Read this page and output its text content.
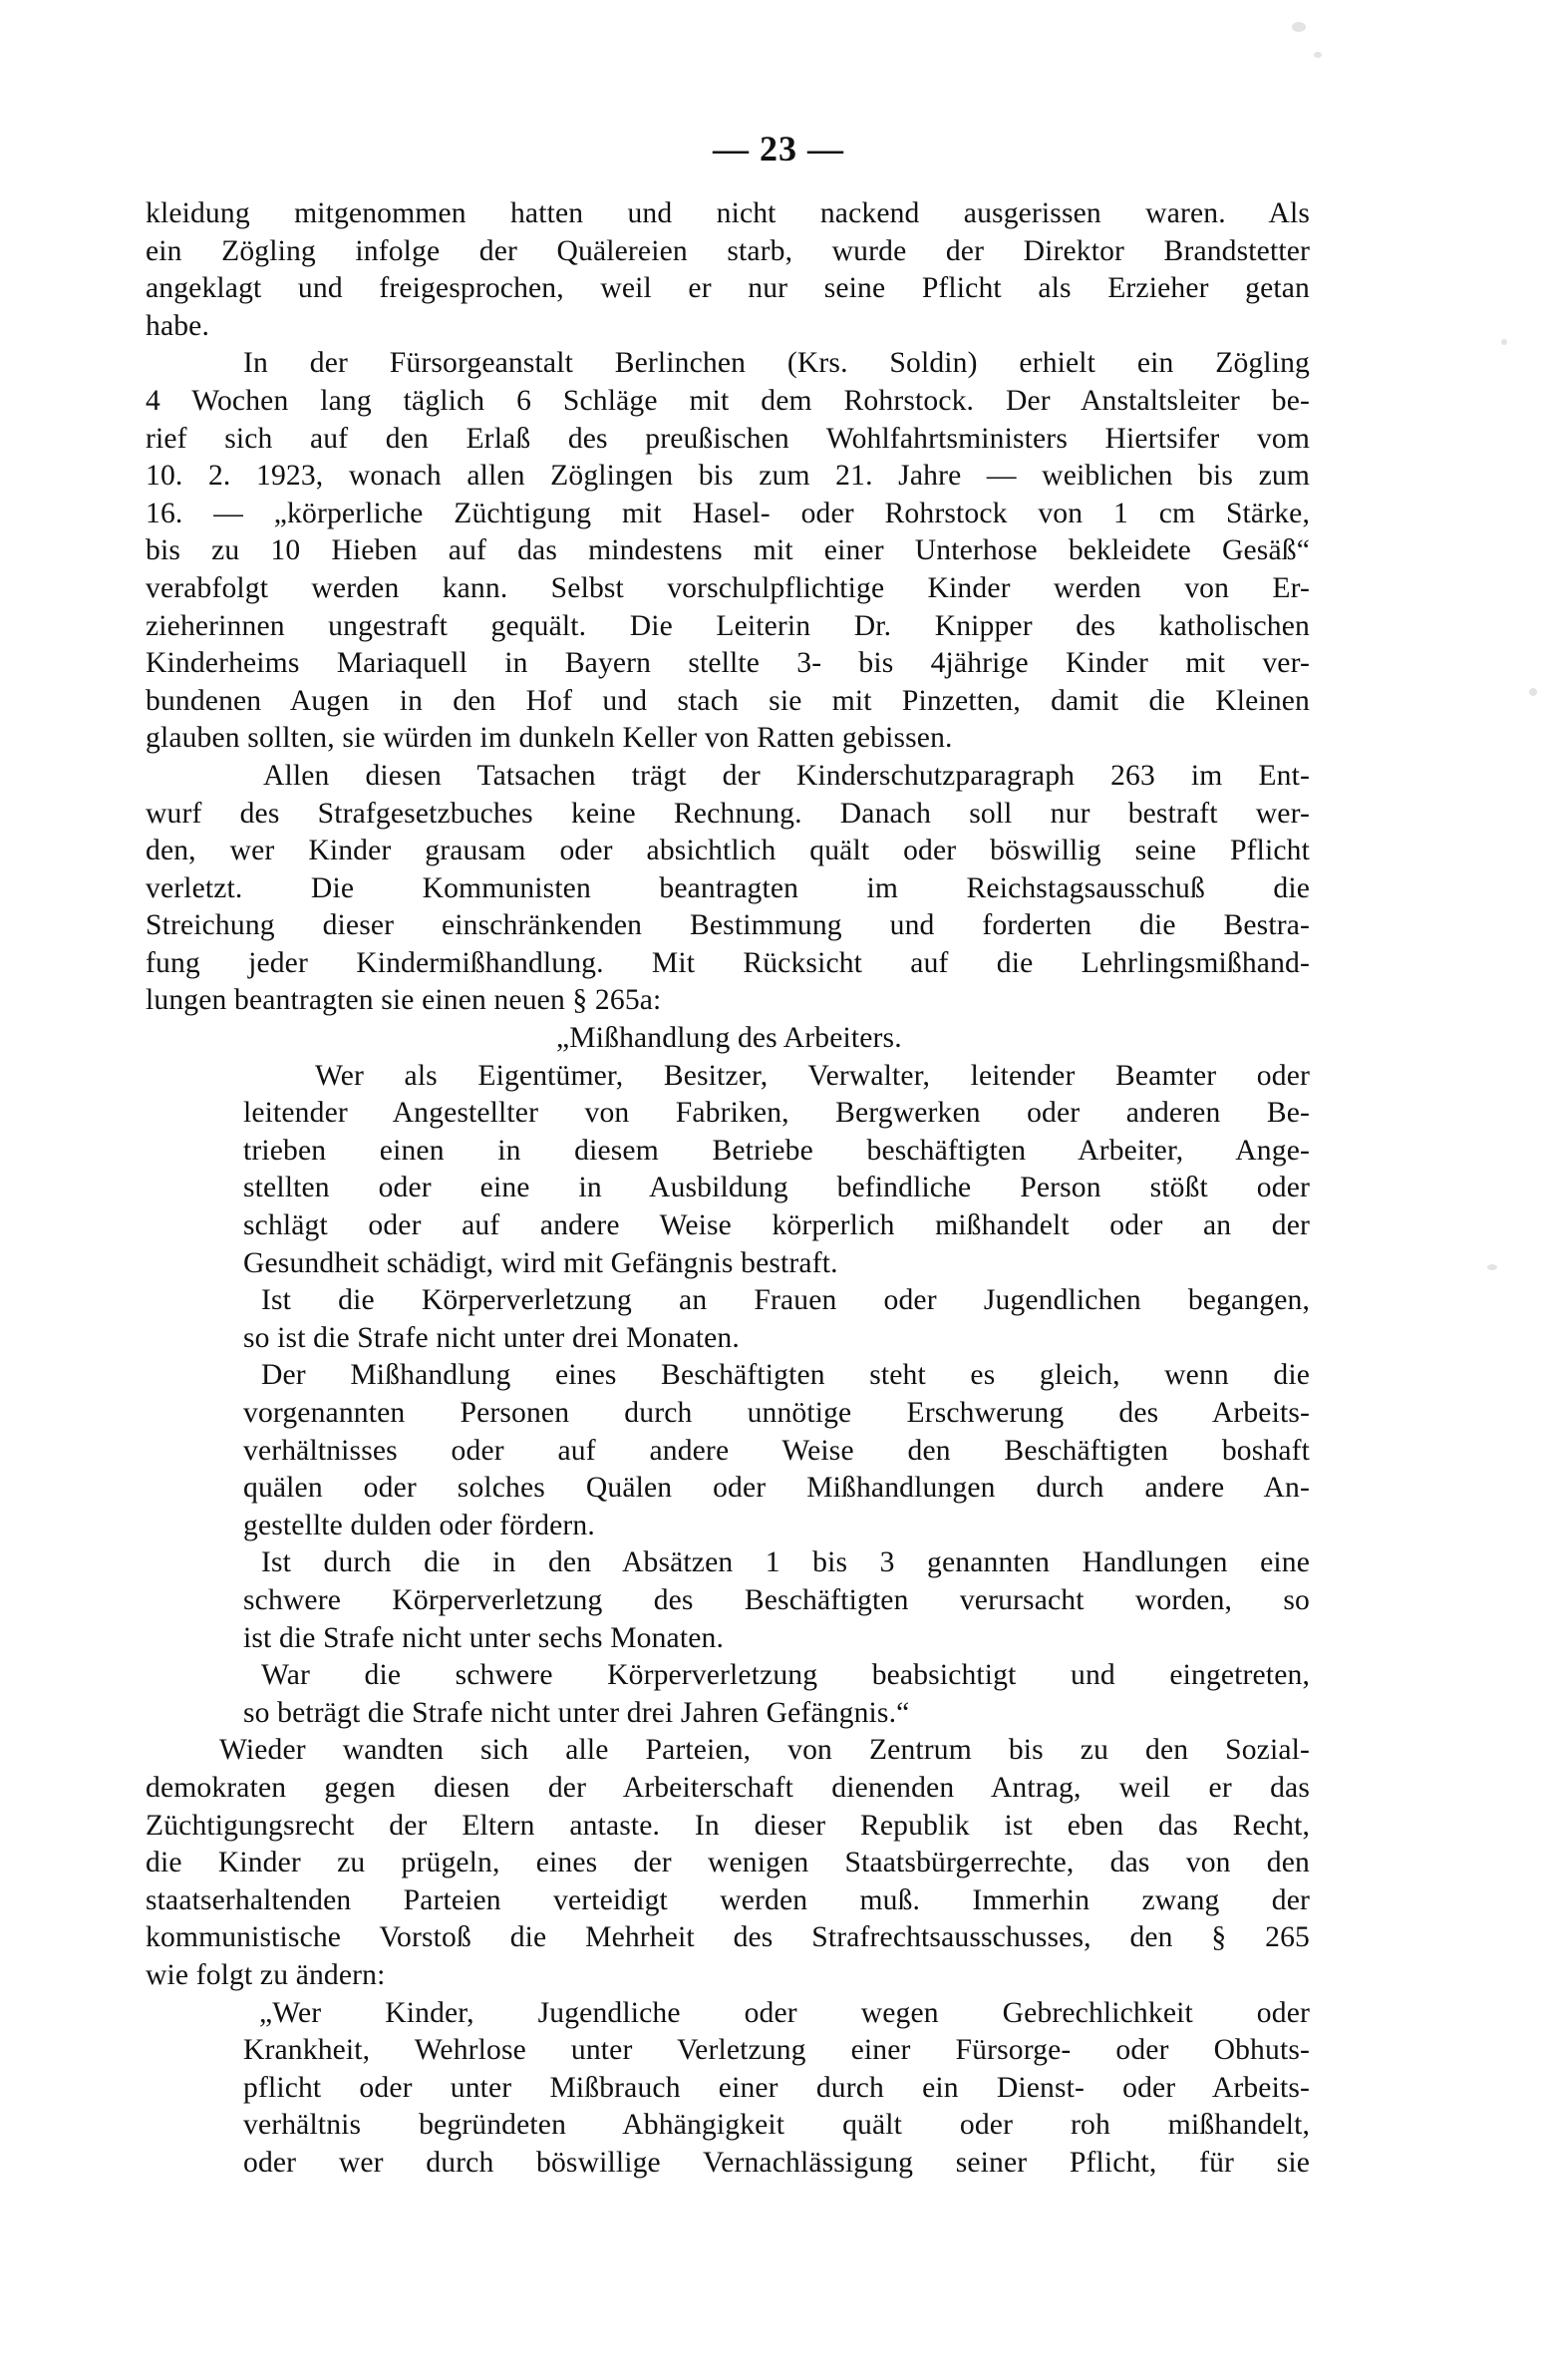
— 23 —
kleidung mitgenommen hatten und nicht nackend ausgerissen waren. Als
ein Zögling infolge der Quälereien starb, wurde der Direktor Brandstetter
angeklagt und freigesprochen, weil er nur seine Pflicht als Erzieher getan
habe.
In der Fürsorgeanstalt Berlinchen (Krs. Soldin) erhielt ein Zögling
4 Wochen lang täglich 6 Schläge mit dem Rohrstock. Der Anstaltsleiter be-
rief sich auf den Erlaß des preußischen Wohlfahrtsministers Hiertsifer vom
10. 2. 1923, wonach allen Zöglingen bis zum 21. Jahre — weiblichen bis zum
16. — „körperliche Züchtigung mit Hasel- oder Rohrstock von 1 cm Stärke,
bis zu 10 Hieben auf das mindestens mit einer Unterhose bekleidete Gesäß“
verabfolgt werden kann. Selbst vorschulpflichtige Kinder werden von Er-
zieherinnen ungestraft gequält. Die Leiterin Dr. Knipper des katholischen
Kinderheims Mariaquell in Bayern stellte 3- bis 4jährige Kinder mit ver-
bundenen Augen in den Hof und stach sie mit Pinzetten, damit die Kleinen
glauben sollten, sie würden im dunkeln Keller von Ratten gebissen.
Allen diesen Tatsachen trägt der Kinderschutzparagraph 263 im Ent-
wurf des Strafgesetzbuches keine Rechnung. Danach soll nur bestraft wer-
den, wer Kinder grausam oder absichtlich quält oder böswillig seine Pflicht
verletzt. Die Kommunisten beantragten im Reichstagsausschuß die
Streichung dieser einschränkenden Bestimmung und forderten die Bestra-
fung jeder Kindermißhandlung. Mit Rücksicht auf die Lehrlingsmißhand-
lungen beantragten sie einen neuen § 265a:
„Mißhandlung des Arbeiters.
Wer als Eigentümer, Besitzer, Verwalter, leitender Beamter oder
leitender Angestellter von Fabriken, Bergwerken oder anderen Be-
trieben einen in diesem Betriebe beschäftigten Arbeiter, Ange-
stellten oder eine in Ausbildung befindliche Person stößt oder
schlägt oder auf andere Weise körperlich mißhandelt oder an der
Gesundheit schädigt, wird mit Gefängnis bestraft.
Ist die Körperverletzung an Frauen oder Jugendlichen begangen,
so ist die Strafe nicht unter drei Monaten.
Der Mißhandlung eines Beschäftigten steht es gleich, wenn die
vorgenannten Personen durch unnötige Erschwerung des Arbeits-
verhältnisses oder auf andere Weise den Beschäftigten boshaft
quälen oder solches Quälen oder Mißhandlungen durch andere An-
gestellte dulden oder fördern.
Ist durch die in den Absätzen 1 bis 3 genannten Handlungen eine
schwere Körperverletzung des Beschäftigten verursacht worden, so
ist die Strafe nicht unter sechs Monaten.
War die schwere Körperverletzung beabsichtigt und eingetreten,
so beträgt die Strafe nicht unter drei Jahren Gefängnis.“
Wieder wandten sich alle Parteien, von Zentrum bis zu den Sozial-
demokraten gegen diesen der Arbeiterschaft dienenden Antrag, weil er das
Züchtigungsrecht der Eltern antaste. In dieser Republik ist eben das Recht,
die Kinder zu prügeln, eines der wenigen Staatsbürgerrechte, das von den
staatserhaltenden Parteien verteidigt werden muß. Immerhin zwang der
kommunistische Vorstoß die Mehrheit des Strafrechtsausschusses, den § 265
wie folgt zu ändern:
„Wer Kinder, Jugendliche oder wegen Gebrechlichkeit oder
Krankheit, Wehrlose unter Verletzung einer Fürsorge- oder Obhuts-
pflicht oder unter Mißbrauch einer durch ein Dienst- oder Arbeits-
verhältnis begründeten Abhängigkeit quält oder roh mißhandelt,
oder wer durch böswillige Vernachlässigung seiner Pflicht, für sie
